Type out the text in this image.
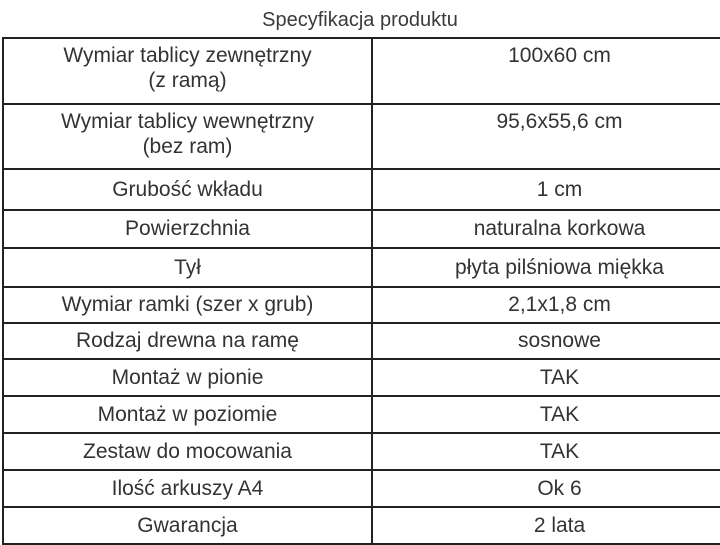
Specyfikacja produktu
Wymiar tablicy zewnętrzny
(z ramą)	100x60 cm

Wymiar tablicy wewnętrzny
(bez ram)	95,6x55,6 cm
Grubość wkładu	1 cm
Powierzchnia	naturalna korkowa
Tył	płyta pilśniowa miękka
Wymiar ramki (szer x grub)	2,1x1,8 cm
Rodzaj drewna na ramę	sosnowe
Montaż w pionie	TAK
Montaż w poziomie	TAK
Zestaw do mocowania	TAK
Ilość arkuszy A4	Ok 6
Gwarancja	2 lata
